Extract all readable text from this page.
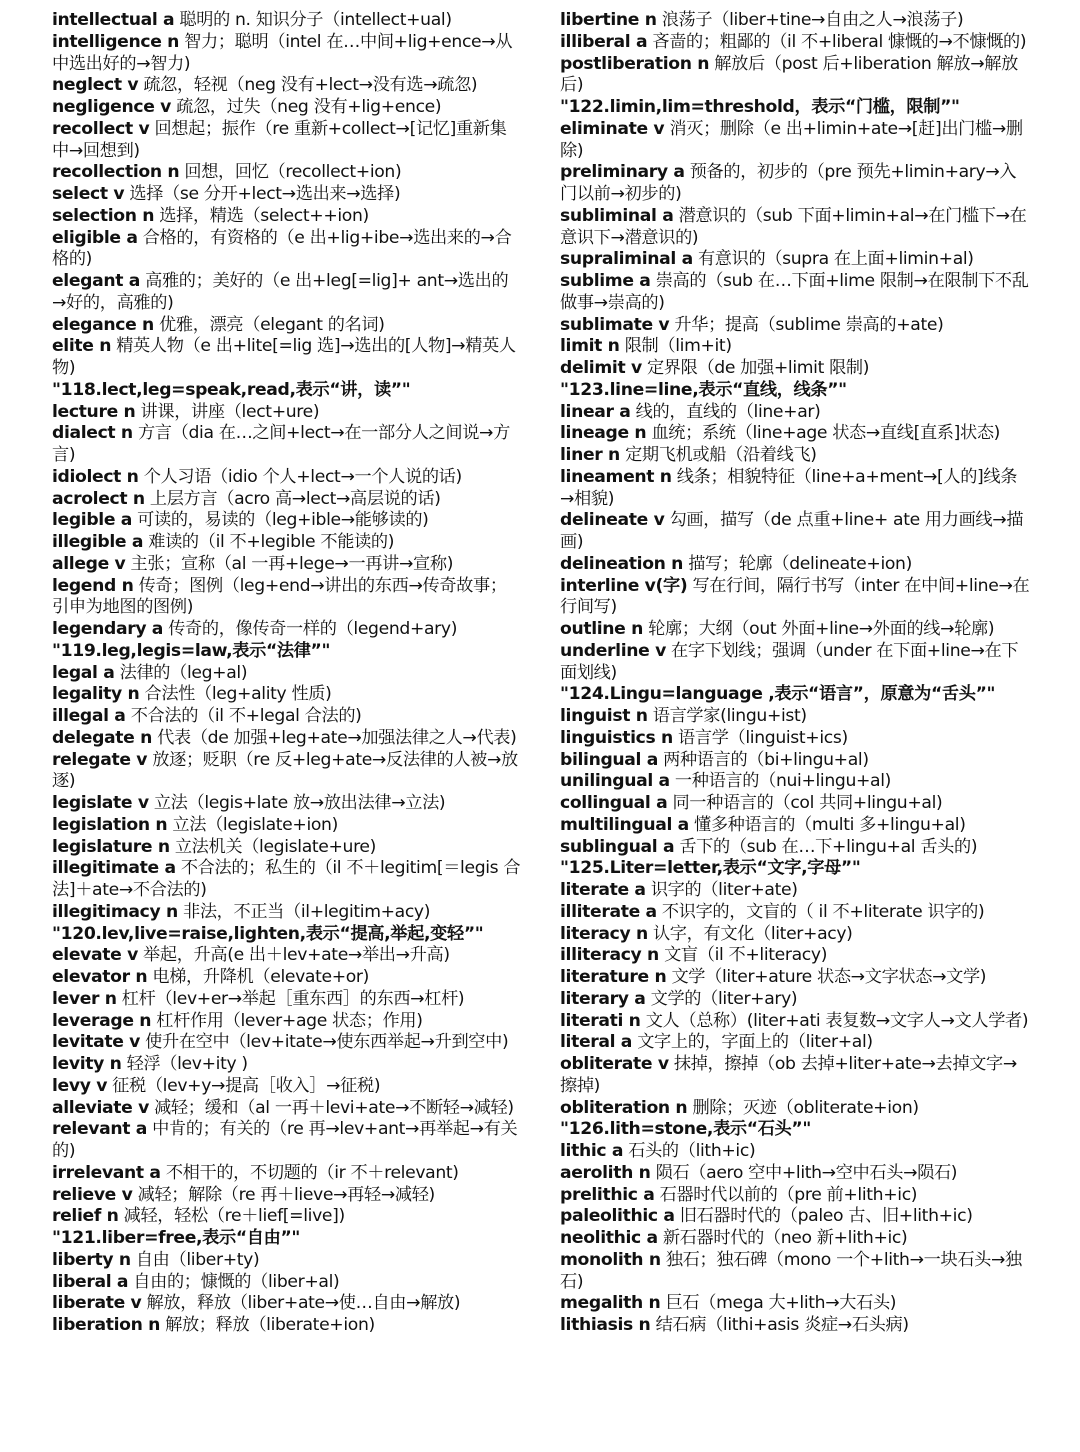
intellectual a 聪明的 n. 知识分子（intellect+ual)

intelligence n 智力；聪明（intel 在…中间+lig+ence→从中选出好的→智力)

neglect v 疏忽，轻视（neg 没有+lect→没有选→疏忽)

negligence v 疏忽，过失（neg 没有+lig+ence)

recollect v 回想起；振作（re 重新+collect→[记忆]重新集中→回想到)

recollection n 回想，回忆（recollect+ion)

select v 选择（se 分开+lect→选出来→选择)

selection n 选择，精选（select++ion)

eligible a 合格的，有资格的（e 出+lig+ibe→选出来的→合格的)

elegant a 高雅的；美好的（e 出+leg[=lig]+ ant→选出的→好的，高雅的)

elegance n 优雅，漂亮（elegant 的名词)

elite n 精英人物（e 出+lite[=lig 选]→选出的[人物]→精英人物)

"118.lect,leg=speak,read,表示“讲，读”"

lecture n 讲课，讲座（lect+ure)

dialect n 方言（dia 在…之间+lect→在一部分人之间说→方言)

idiolect n 个人习语（idio 个人+lect→一个人说的话)

acrolect n 上层方言（acro 高→lect→高层说的话)

legible a 可读的，易读的（leg+ible→能够读的)

illegible a 难读的（il 不+legible 不能读的)

allege v 主张；宣称（al 一再+lege→一再讲→宣称)

legend n 传奇；图例（leg+end→讲出的东西→传奇故事；引申为地图的图例)

legendary a 传奇的，像传奇一样的（legend+ary)

"119.leg,legis=law,表示“法律”"

legal a 法律的（leg+al)

legality n 合法性（leg+ality 性质)

illegal a 不合法的（il 不+legal 合法的)

delegate n 代表（de 加强+leg+ate→加强法律之人→代表)

relegate v 放逐；贬职（re 反+leg+ate→反法律的人被→放逐)

legislate v 立法（legis+late 放→放出法律→立法)

legislation n 立法（legislate+ion)

legislature n 立法机关（legislate+ure)

illegitimate a 不合法的；私生的（il 不＋legitim[＝legis 合法]＋ate→不合法的)

illegitimacy n 非法，不正当（il+legitim+acy)

"120.lev,live=raise,lighten,表示“提高,举起,变轻”"

elevate v 举起，升高(e 出＋lev+ate→举出→升高)

elevator n 电梯，升降机（elevate+or)

lever n 杠杆（lev+er→举起［重东西］的东西→杠杆)

leverage n 杠杆作用（lever+age 状态；作用)

levitate v 使升在空中（lev+itate→使东西举起→升到空中)

levity n 轻浮（lev+ity )

levy v 征税（lev+y→提高［收入］→征税)

alleviate v 减轻；缓和（al 一再＋levi+ate→不断轻→减轻)

relevant a 中肯的；有关的（re 再→lev+ant→再举起→有关的)

irrelevant a 不相干的，不切题的（ir 不＋relevant)

relieve v 减轻；解除（re 再＋lieve→再轻→减轻)

relief n 减轻，轻松（re＋lief[=live])

"121.liber=free,表示“自由”"

liberty n 自由（liber+ty)

liberal a 自由的；慷慨的（liber+al)

liberate v 解放，释放（liber+ate→使…自由→解放)

liberation n 解放；释放（liberate+ion)

libertine n 浪荡子（liber+tine→自由之人→浪荡子)

illiberal a 吝啬的；粗鄙的（il 不+liberal 慷慨的→不慷慨的)

postliberation n 解放后（post 后+liberation 解放→解放后)

"122.limin,lim=threshold，表示“门槛，限制”"

eliminate v 消灭；删除（e 出+limin+ate→[赶]出门槛→删除)

preliminary a 预备的，初步的（pre 预先+limin+ary→入门以前→初步的)

subliminal a 潜意识的（sub 下面+limin+al→在门槛下→在意识下→潜意识的)

supraliminal a 有意识的（supra 在上面+limin+al)

sublime a 崇高的（sub 在…下面+lime 限制→在限制下不乱做事→崇高的)

sublimate v 升华；提高（sublime 崇高的+ate)

limit n 限制（lim+it)

delimit v 定界限（de 加强+limit 限制)

"123.line=line,表示“直线，线条”"

linear a 线的，直线的（line+ar)

lineage n 血统；系统（line+age 状态→直线[直系]状态)

liner n 定期飞机或船（沿着线飞)

lineament n 线条；相貌特征（line+a+ment→[人的]线条→相貌)

delineate v 勾画，描写（de 点重+line+ ate 用力画线→描画)

delineation n 描写；轮廓（delineate+ion)

interline v(字) 写在行间，隔行书写（inter 在中间+line→在行间写)

outline n 轮廓；大纲（out 外面+line→外面的线→轮廓)

underline v 在字下划线；强调（under 在下面+line→在下面划线)

"124.Lingu=language ,表示“语言”，原意为“舌头”"

linguist n 语言学家(lingu+ist)

linguistics n 语言学（linguist+ics)

bilingual a 两种语言的（bi+lingu+al)

unilingual a 一种语言的（nui+lingu+al)

collingual a 同一种语言的（col 共同+lingu+al)

multilingual a 懂多种语言的（multi 多+lingu+al)

sublingual a 舌下的（sub 在…下+lingu+al 舌头的)

"125.Liter=letter,表示“文字,字母”"

literate a 识字的（liter+ate)

illiterate a 不识字的，文盲的（ il 不+literate 识字的)

literacy n 认字，有文化（liter+acy)

illiteracy n 文盲（il 不+literacy)

literature n 文学（liter+ature 状态→文字状态→文学)

literary a 文学的（liter+ary)

literati n 文人（总称）(liter+ati 表复数→文字人→文人学者)

literal a 文字上的，字面上的（liter+al)

obliterate v 抹掉，擦掉（ob 去掉+liter+ate→去掉文字→擦掉)

obliteration n 删除；灭迹（obliterate+ion)

"126.lith=stone,表示“石头”"

lithic a 石头的（lith+ic)

aerolith n 陨石（aero 空中+lith→空中石头→陨石)

prelithic a 石器时代以前的（pre 前+lith+ic)

paleolithic a 旧石器时代的（paleo 古、旧+lith+ic)

neolithic a 新石器时代的（neo 新+lith+ic)

monolith n 独石；独石碑（mono 一个+lith→一块石头→独石)

megalith n 巨石（mega 大+lith→大石头)

lithiasis n 结石病（lithi+asis 炎症→石头病)
